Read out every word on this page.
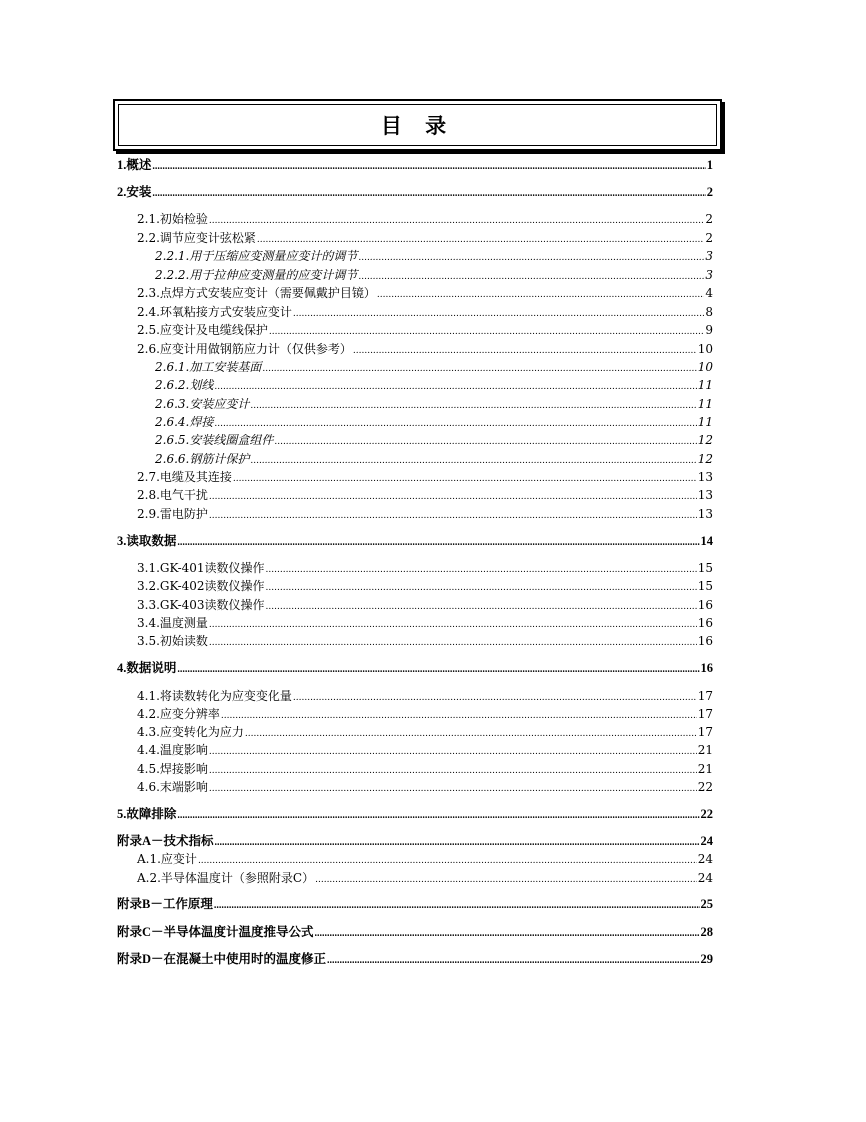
目 录
1.概述 .....	1
2.安装 .....	2
2.1.初始检验 .....	2
2.2.调节应变计弦松紧 .....	2
2.2.1.用于压缩应变测量应变计的调节 .....	3
2.2.2.用于拉伸应变测量的应变计调节 .....	3
2.3.点焊方式安装应变计（需要佩戴护目镜） .....	4
2.4.环氧粘接方式安装应变计 .....	8
2.5.应变计及电缆线保护 .....	9
2.6.应变计用做钢筋应力计（仅供参考） .....	10
2.6.1.加工安装基面 .....	10
2.6.2.划线 .....	11
2.6.3.安装应变计 .....	11
2.6.4.焊接 .....	11
2.6.5.安装线圈盒组件 .....	12
2.6.6.钢筋计保护 .....	12
2.7.电缆及其连接 .....	13
2.8.电气干扰 .....	13
2.9.雷电防护 .....	13
3.读取数据 .....	14
3.1.GK-401读数仪操作 .....	15
3.2.GK-402读数仪操作 .....	15
3.3.GK-403读数仪操作 .....	16
3.4.温度测量 .....	16
3.5.初始读数 .....	16
4.数据说明 .....	16
4.1.将读数转化为应变变化量 .....	17
4.2.应变分辨率 .....	17
4.3.应变转化为应力 .....	17
4.4.温度影响 .....	21
4.5.焊接影响 .....	21
4.6.末端影响 .....	22
5.故障排除 .....	22
附录A－技术指标 .....	24
A.1.应变计 .....	24
A.2.半导体温度计（参照附录C） .....	24
附录B－工作原理 .....	25
附录C－半导体温度计温度推导公式 .....	28
附录D－在混凝土中使用时的温度修正 .....	29
